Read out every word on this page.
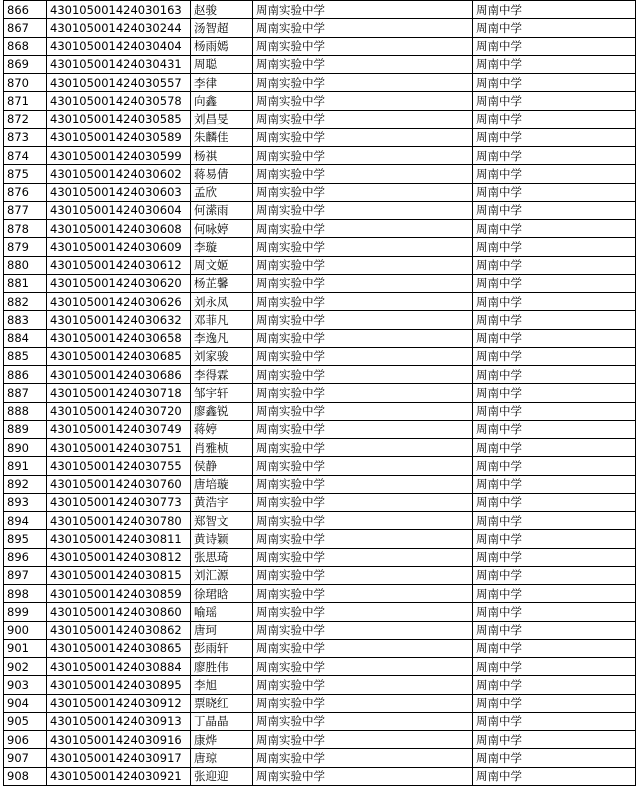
866	430105001424030163	赵骏	周南实验中学	周南中学
867	430105001424030244	汤智超	周南实验中学	周南中学
868	430105001424030404	杨雨嫣	周南实验中学	周南中学
869	430105001424030431	周聪	周南实验中学	周南中学
870	430105001424030557	李律	周南实验中学	周南中学
871	430105001424030578	向鑫	周南实验中学	周南中学
872	430105001424030585	刘昌旻	周南实验中学	周南中学
873	430105001424030589	朱麟佳	周南实验中学	周南中学
874	430105001424030599	杨祺	周南实验中学	周南中学
875	430105001424030602	蒋易倩	周南实验中学	周南中学
876	430105001424030603	孟欣	周南实验中学	周南中学
877	430105001424030604	何潆雨	周南实验中学	周南中学
878	430105001424030608	何咏婷	周南实验中学	周南中学
879	430105001424030609	李璇	周南实验中学	周南中学
880	430105001424030612	周文姬	周南实验中学	周南中学
881	430105001424030620	杨芷馨	周南实验中学	周南中学
882	430105001424030626	刘永凤	周南实验中学	周南中学
883	430105001424030632	邓菲凡	周南实验中学	周南中学
884	430105001424030658	李逸凡	周南实验中学	周南中学
885	430105001424030685	刘家骏	周南实验中学	周南中学
886	430105001424030686	李得霖	周南实验中学	周南中学
887	430105001424030718	邹宇轩	周南实验中学	周南中学
888	430105001424030720	廖鑫锐	周南实验中学	周南中学
889	430105001424030749	蒋婷	周南实验中学	周南中学
890	430105001424030751	肖雅桢	周南实验中学	周南中学
891	430105001424030755	侯静	周南实验中学	周南中学
892	430105001424030760	唐培璇	周南实验中学	周南中学
893	430105001424030773	黄浩宇	周南实验中学	周南中学
894	430105001424030780	郑智文	周南实验中学	周南中学
895	430105001424030811	黄诗颖	周南实验中学	周南中学
896	430105001424030812	张思琦	周南实验中学	周南中学
897	430105001424030815	刘汇源	周南实验中学	周南中学
898	430105001424030859	徐珺晗	周南实验中学	周南中学
899	430105001424030860	喻瑶	周南实验中学	周南中学
900	430105001424030862	唐珂	周南实验中学	周南中学
901	430105001424030865	彭雨轩	周南实验中学	周南中学
902	430105001424030884	廖胜伟	周南实验中学	周南中学
903	430105001424030895	李旭	周南实验中学	周南中学
904	430105001424030912	票晓红	周南实验中学	周南中学
905	430105001424030913	丁晶晶	周南实验中学	周南中学
906	430105001424030916	康烨	周南实验中学	周南中学
907	430105001424030917	唐琼	周南实验中学	周南中学
908	430105001424030921	张迎迎	周南实验中学	周南中学
